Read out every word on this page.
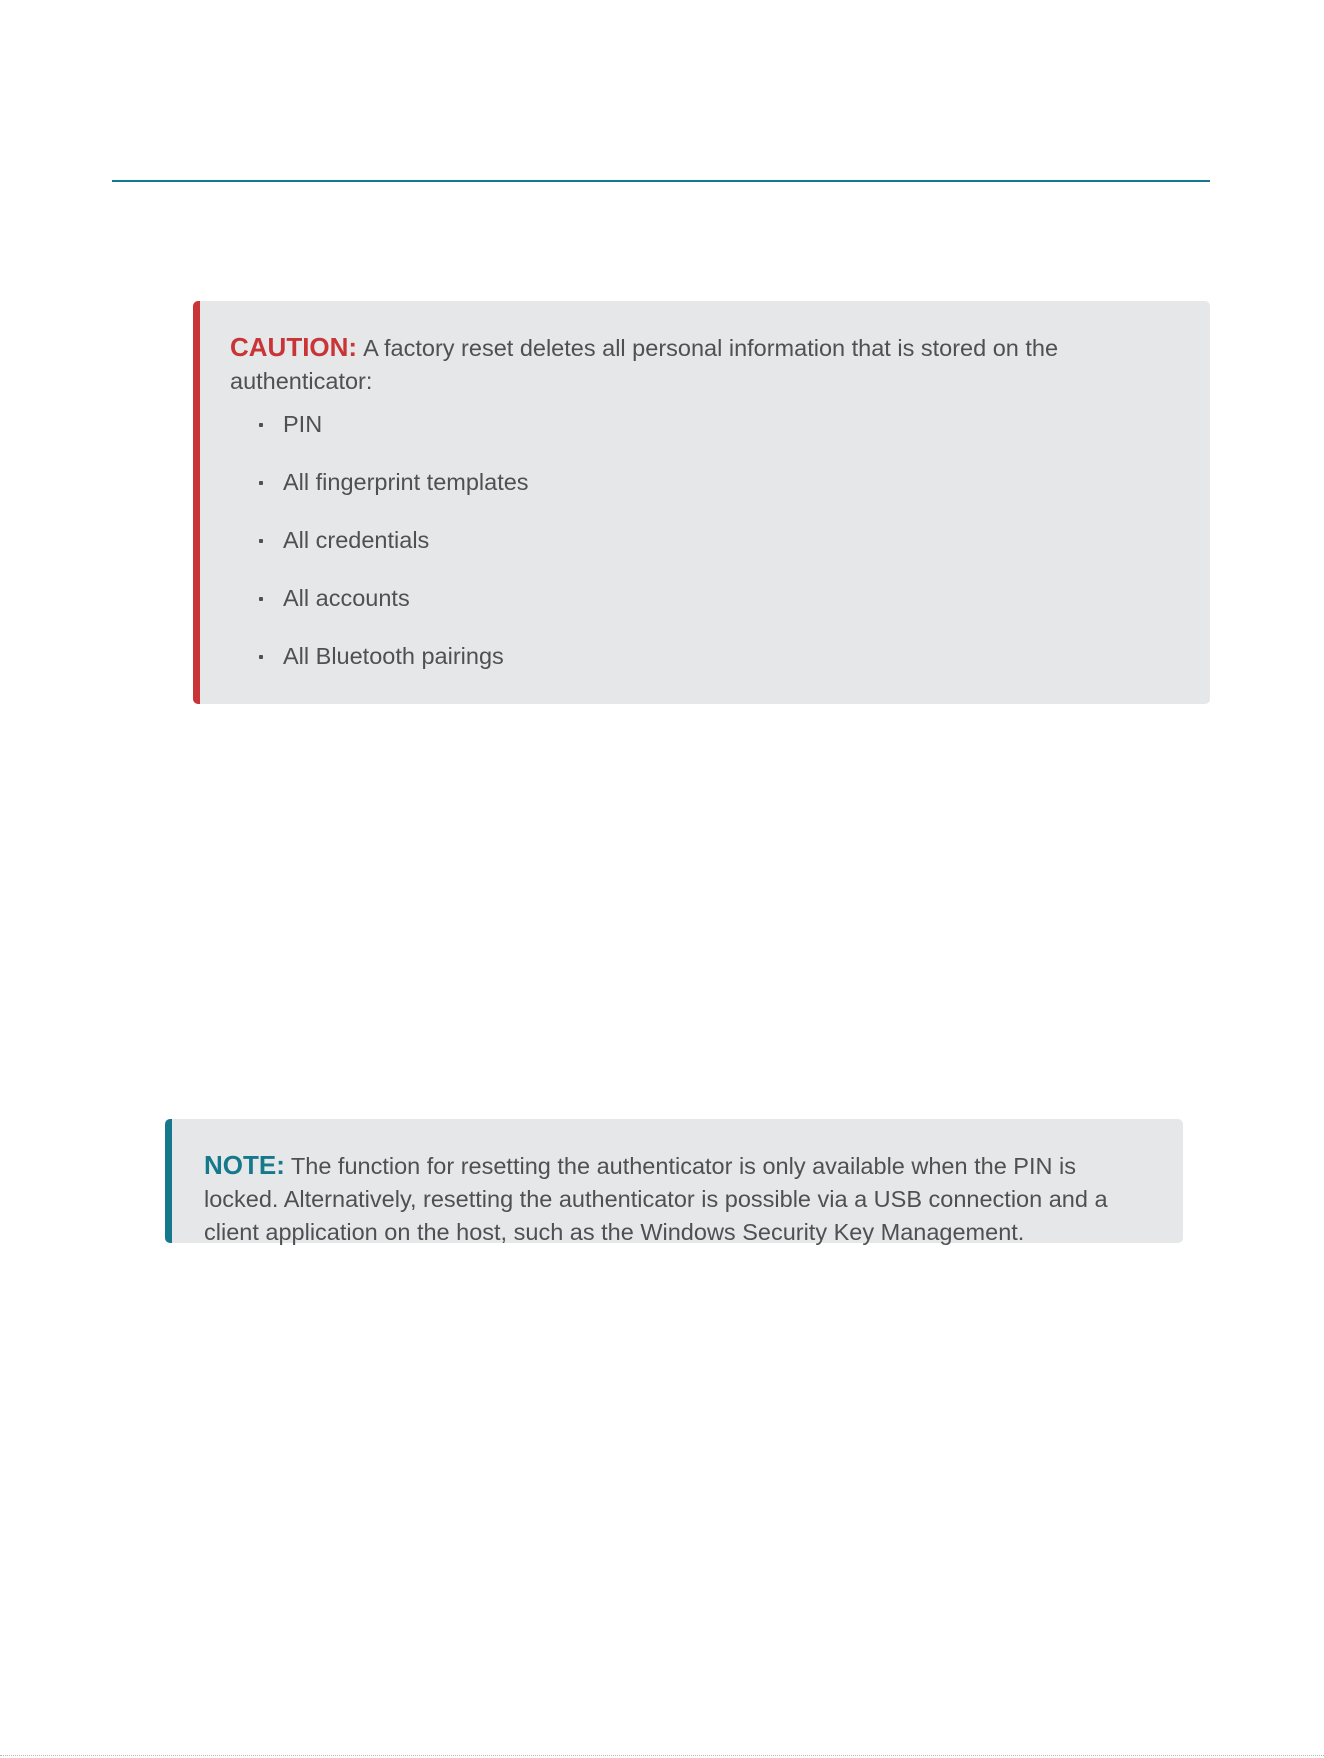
CAUTION: A factory reset deletes all personal information that is stored on the authenticator:

PIN
All fingerprint templates
All credentials
All accounts
All Bluetooth pairings

NOTE: The function for resetting the authenticator is only available when the PIN is locked. Alternatively, resetting the authenticator is possible via a USB connection and a client application on the host, such as the Windows Security Key Management.
